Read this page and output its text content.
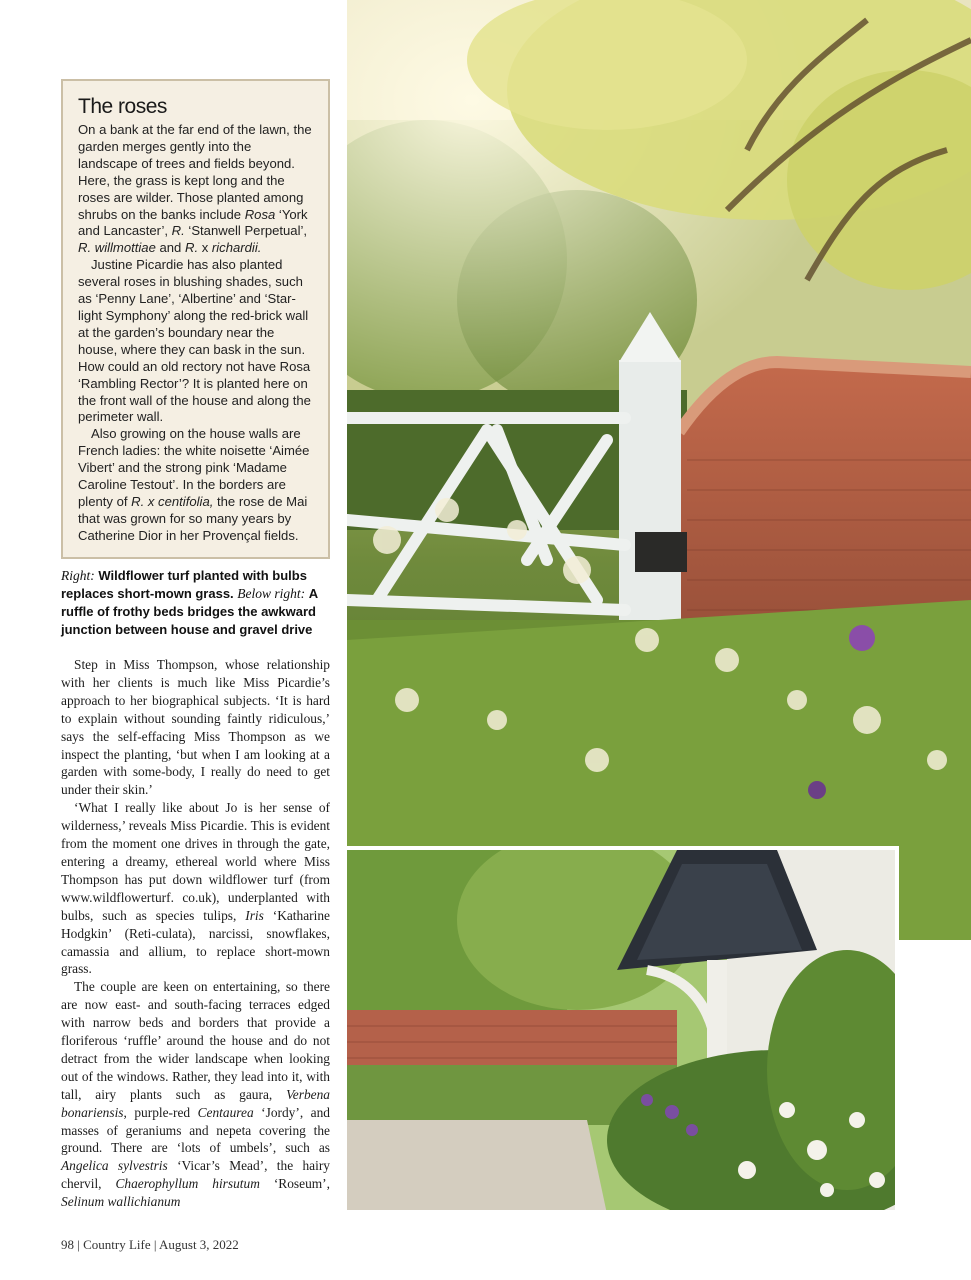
The roses

On a bank at the far end of the lawn, the garden merges gently into the landscape of trees and fields beyond. Here, the grass is kept long and the roses are wilder. Those planted among shrubs on the banks include Rosa ‘York and Lancaster’, R. ‘Stanwell Perpetual’, R. willmottiae and R. x richardii.

Justine Picardie has also planted several roses in blushing shades, such as ‘Penny Lane’, ‘Albertine’ and ‘Star-light Symphony’ along the red-brick wall at the garden’s boundary near the house, where they can bask in the sun. How could an old rectory not have Rosa ‘Rambling Rector’? It is planted here on the front wall of the house and along the perimeter wall.

Also growing on the house walls are French ladies: the white noisette ‘Aimée Vibert’ and the strong pink ‘Madame Caroline Testout’. In the borders are plenty of R. x centifolia, the rose de Mai that was grown for so many years by Catherine Dior in her Provençal fields.

Right: Wildflower turf planted with bulbs replaces short-mown grass. Below right: A ruffle of frothy beds bridges the awkward junction between house and gravel drive

Step in Miss Thompson, whose relationship with her clients is much like Miss Picardie’s approach to her biographical subjects. ‘It is hard to explain without sounding faintly ridiculous,’ says the self-effacing Miss Thompson as we inspect the planting, ‘but when I am looking at a garden with some-body, I really do need to get under their skin.’

‘What I really like about Jo is her sense of wilderness,’ reveals Miss Picardie. This is evident from the moment one drives in through the gate, entering a dreamy, ethereal world where Miss Thompson has put down wildflower turf (from www.wildflowerturf. co.uk), underplanted with bulbs, such as species tulips, Iris ‘Katharine Hodgkin’ (Reti-culata), narcissi, snowflakes, camassia and allium, to replace short-mown grass.

The couple are keen on entertaining, so there are now east- and south-facing terraces edged with narrow beds and borders that provide a floriferous ‘ruffle’ around the house and do not detract from the wider landscape when looking out of the windows. Rather, they lead into it, with tall, airy plants such as gaura, Verbena bonariensis, purple-red Centaurea ‘Jordy’, and masses of geraniums and nepeta covering the ground. There are ‘lots of umbels’, such as Angelica sylvestris ‘Vicar’s Mead’, the hairy chervil, Chaerophyllum hirsutum ‘Roseum’, Selinum wallichianum

98 | Country Life | August 3, 2022
